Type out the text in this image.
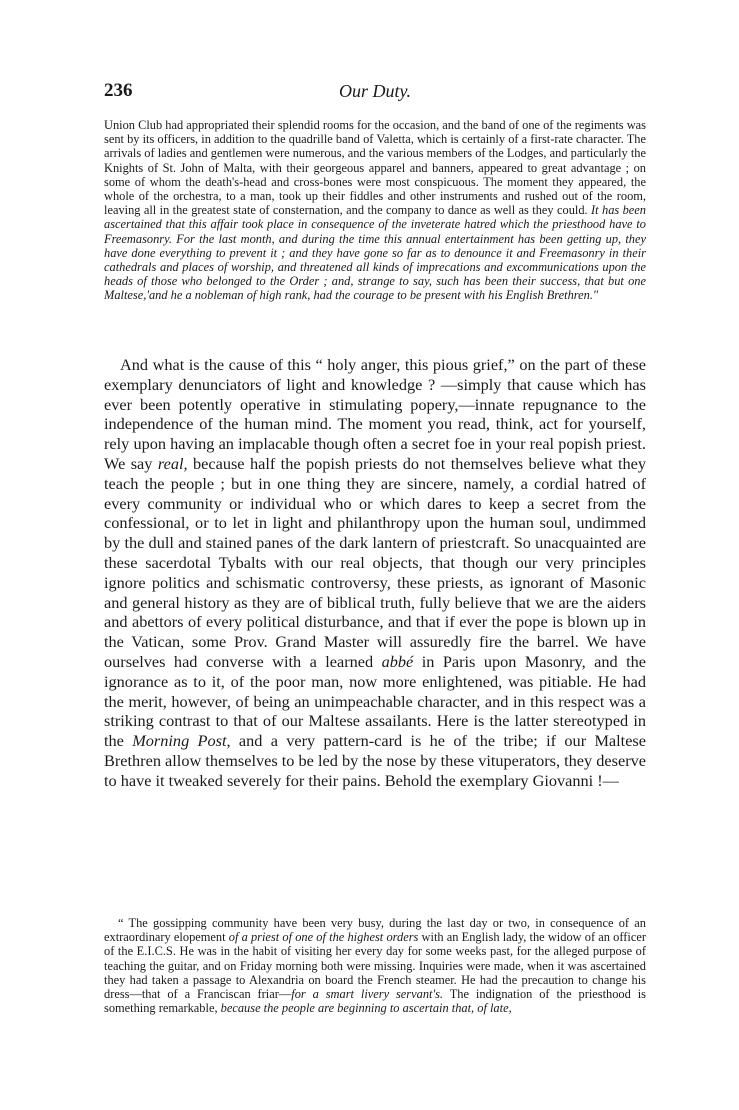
236	Our Duty.

Union Club had appropriated their splendid rooms for the occasion, and the band of one of the regiments was sent by its officers, in addition to the quadrille band of Valetta, which is certainly of a first-rate character. The arrivals of ladies and gentlemen were numerous, and the various members of the Lodges, and particularly the Knights of St. John of Malta, with their georgeous apparel and banners, appeared to great advantage ; on some of whom the death's-head and cross-bones were most conspicuous. The moment they appeared, the whole of the orchestra, to a man, took up their fiddles and other instruments and rushed out of the room, leaving all in the greatest state of consternation, and the company to dance as well as they could. It has been ascertained that this affair took place in consequence of the inveterate hatred which the priesthood have to Freemasonry. For the last month, and during the time this annual entertainment has been getting up, they have done everything to prevent it ; and they have gone so far as to denounce it and Freemasonry in their cathedrals and places of worship, and threatened all kinds of imprecations and excommunications upon the heads of those who belonged to the Order ; and, strange to say, such has been their success, that but one Maltese,'and he a nobleman of high rank, had the courage to be present with his English Brethren."

And what is the cause of this “ holy anger, this pious grief,” on the part of these exemplary denunciators of light and knowledge ? —simply that cause which has ever been potently operative in stimulating popery,—innate repugnance to the independence of the human mind. The moment you read, think, act for yourself, rely upon having an implacable though often a secret foe in your real popish priest. We say real, because half the popish priests do not themselves believe what they teach the people ; but in one thing they are sincere, namely, a cordial hatred of every community or individual who or which dares to keep a secret from the confessional, or to let in light and philanthropy upon the human soul, undimmed by the dull and stained panes of the dark lantern of priestcraft. So unacquainted are these sacerdotal Tybalts with our real objects, that though our very principles ignore politics and schismatic controversy, these priests, as ignorant of Masonic and general history as they are of biblical truth, fully believe that we are the aiders and abettors of every political disturbance, and that if ever the pope is blown up in the Vatican, some Prov. Grand Master will assuredly fire the barrel. We have ourselves had converse with a learned abbé in Paris upon Masonry, and the ignorance as to it, of the poor man, now more enlightened, was pitiable. He had the merit, however, of being an unimpeachable character, and in this respect was a striking contrast to that of our Maltese assailants. Here is the latter stereotyped in the Morning Post, and a very pattern-card is he of the tribe; if our Maltese Brethren allow themselves to be led by the nose by these vituperators, they deserve to have it tweaked severely for their pains. Behold the exemplary Giovanni !—

“ The gossipping community have been very busy, during the last day or two, in consequence of an extraordinary elopement of a priest of one of the highest orders with an English lady, the widow of an officer of the E.I.C.S. He was in the habit of visiting her every day for some weeks past, for the alleged purpose of teaching the guitar, and on Friday morning both were missing. Inquiries were made, when it was ascertained they had taken a passage to Alexandria on board the French steamer. He had the precaution to change his dress—that of a Franciscan friar—for a smart livery servant's. The indignation of the priesthood is something remarkable, because the people are beginning to ascertain that, of late,
